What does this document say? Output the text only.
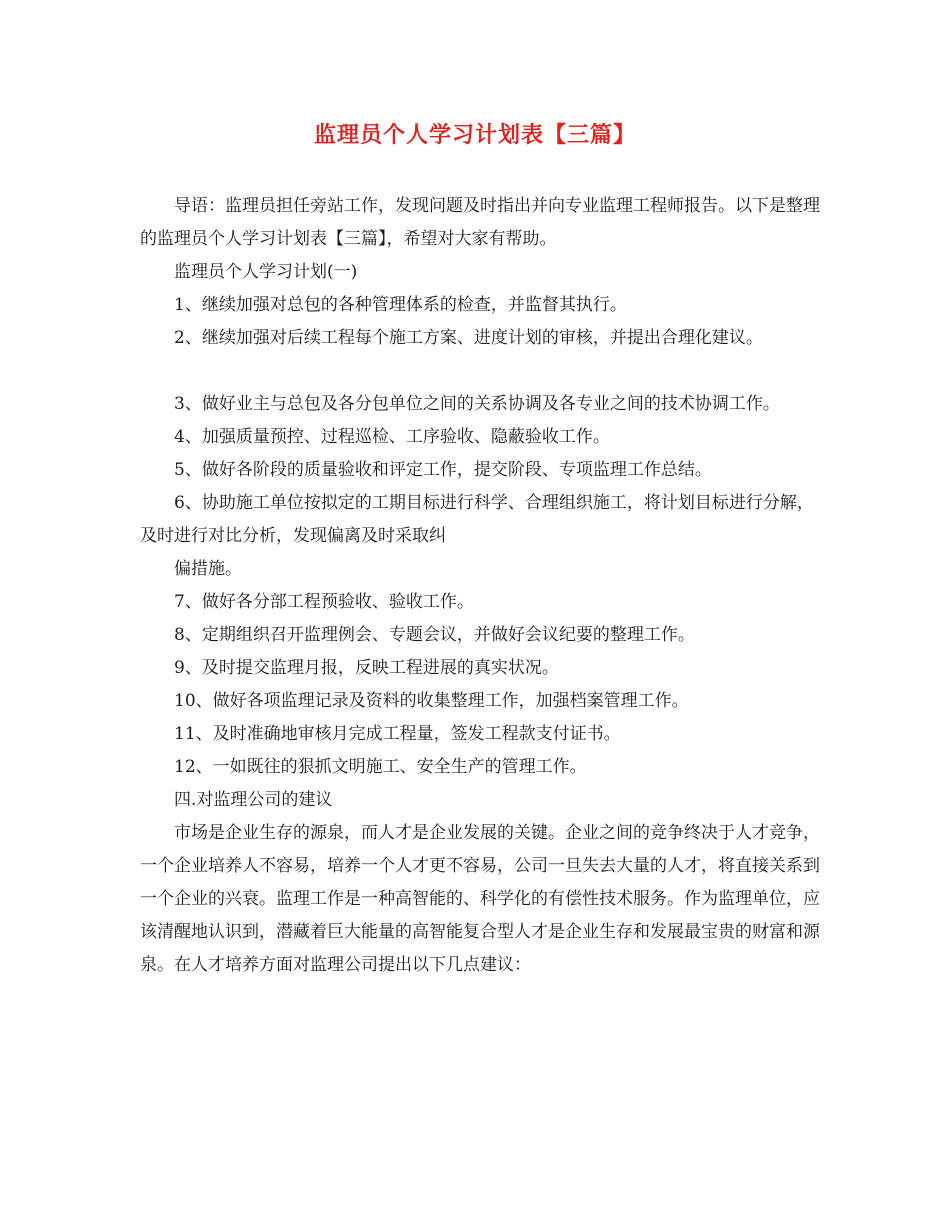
监理员个人学习计划表【三篇】

导语：监理员担任旁站工作，发现问题及时指出并向专业监理工程师报告。以下是整理的监理员个人学习计划表【三篇】，希望对大家有帮助。

监理员个人学习计划(一)

1、继续加强对总包的各种管理体系的检查，并监督其执行。

2、继续加强对后续工程每个施工方案、进度计划的审核，并提出合理化建议。

3、做好业主与总包及各分包单位之间的关系协调及各专业之间的技术协调工作。

4、加强质量预控、过程巡检、工序验收、隐蔽验收工作。

5、做好各阶段的质量验收和评定工作，提交阶段、专项监理工作总结。

6、协助施工单位按拟定的工期目标进行科学、合理组织施工，将计划目标进行分解，及时进行对比分析，发现偏离及时采取纠

偏措施。

7、做好各分部工程预验收、验收工作。

8、定期组织召开监理例会、专题会议，并做好会议纪要的整理工作。

9、及时提交监理月报，反映工程进展的真实状况。

10、做好各项监理记录及资料的收集整理工作，加强档案管理工作。

11、及时准确地审核月完成工程量，签发工程款支付证书。

12、一如既往的狠抓文明施工、安全生产的管理工作。

四.对监理公司的建议

市场是企业生存的源泉，而人才是企业发展的关键。企业之间的竞争终决于人才竞争，一个企业培养人不容易，培养一个人才更不容易，公司一旦失去大量的人才，将直接关系到一个企业的兴衰。监理工作是一种高智能的、科学化的有偿性技术服务。作为监理单位，应该清醒地认识到，潜藏着巨大能量的高智能复合型人才是企业生存和发展最宝贵的财富和源泉。在人才培养方面对监理公司提出以下几点建议：
